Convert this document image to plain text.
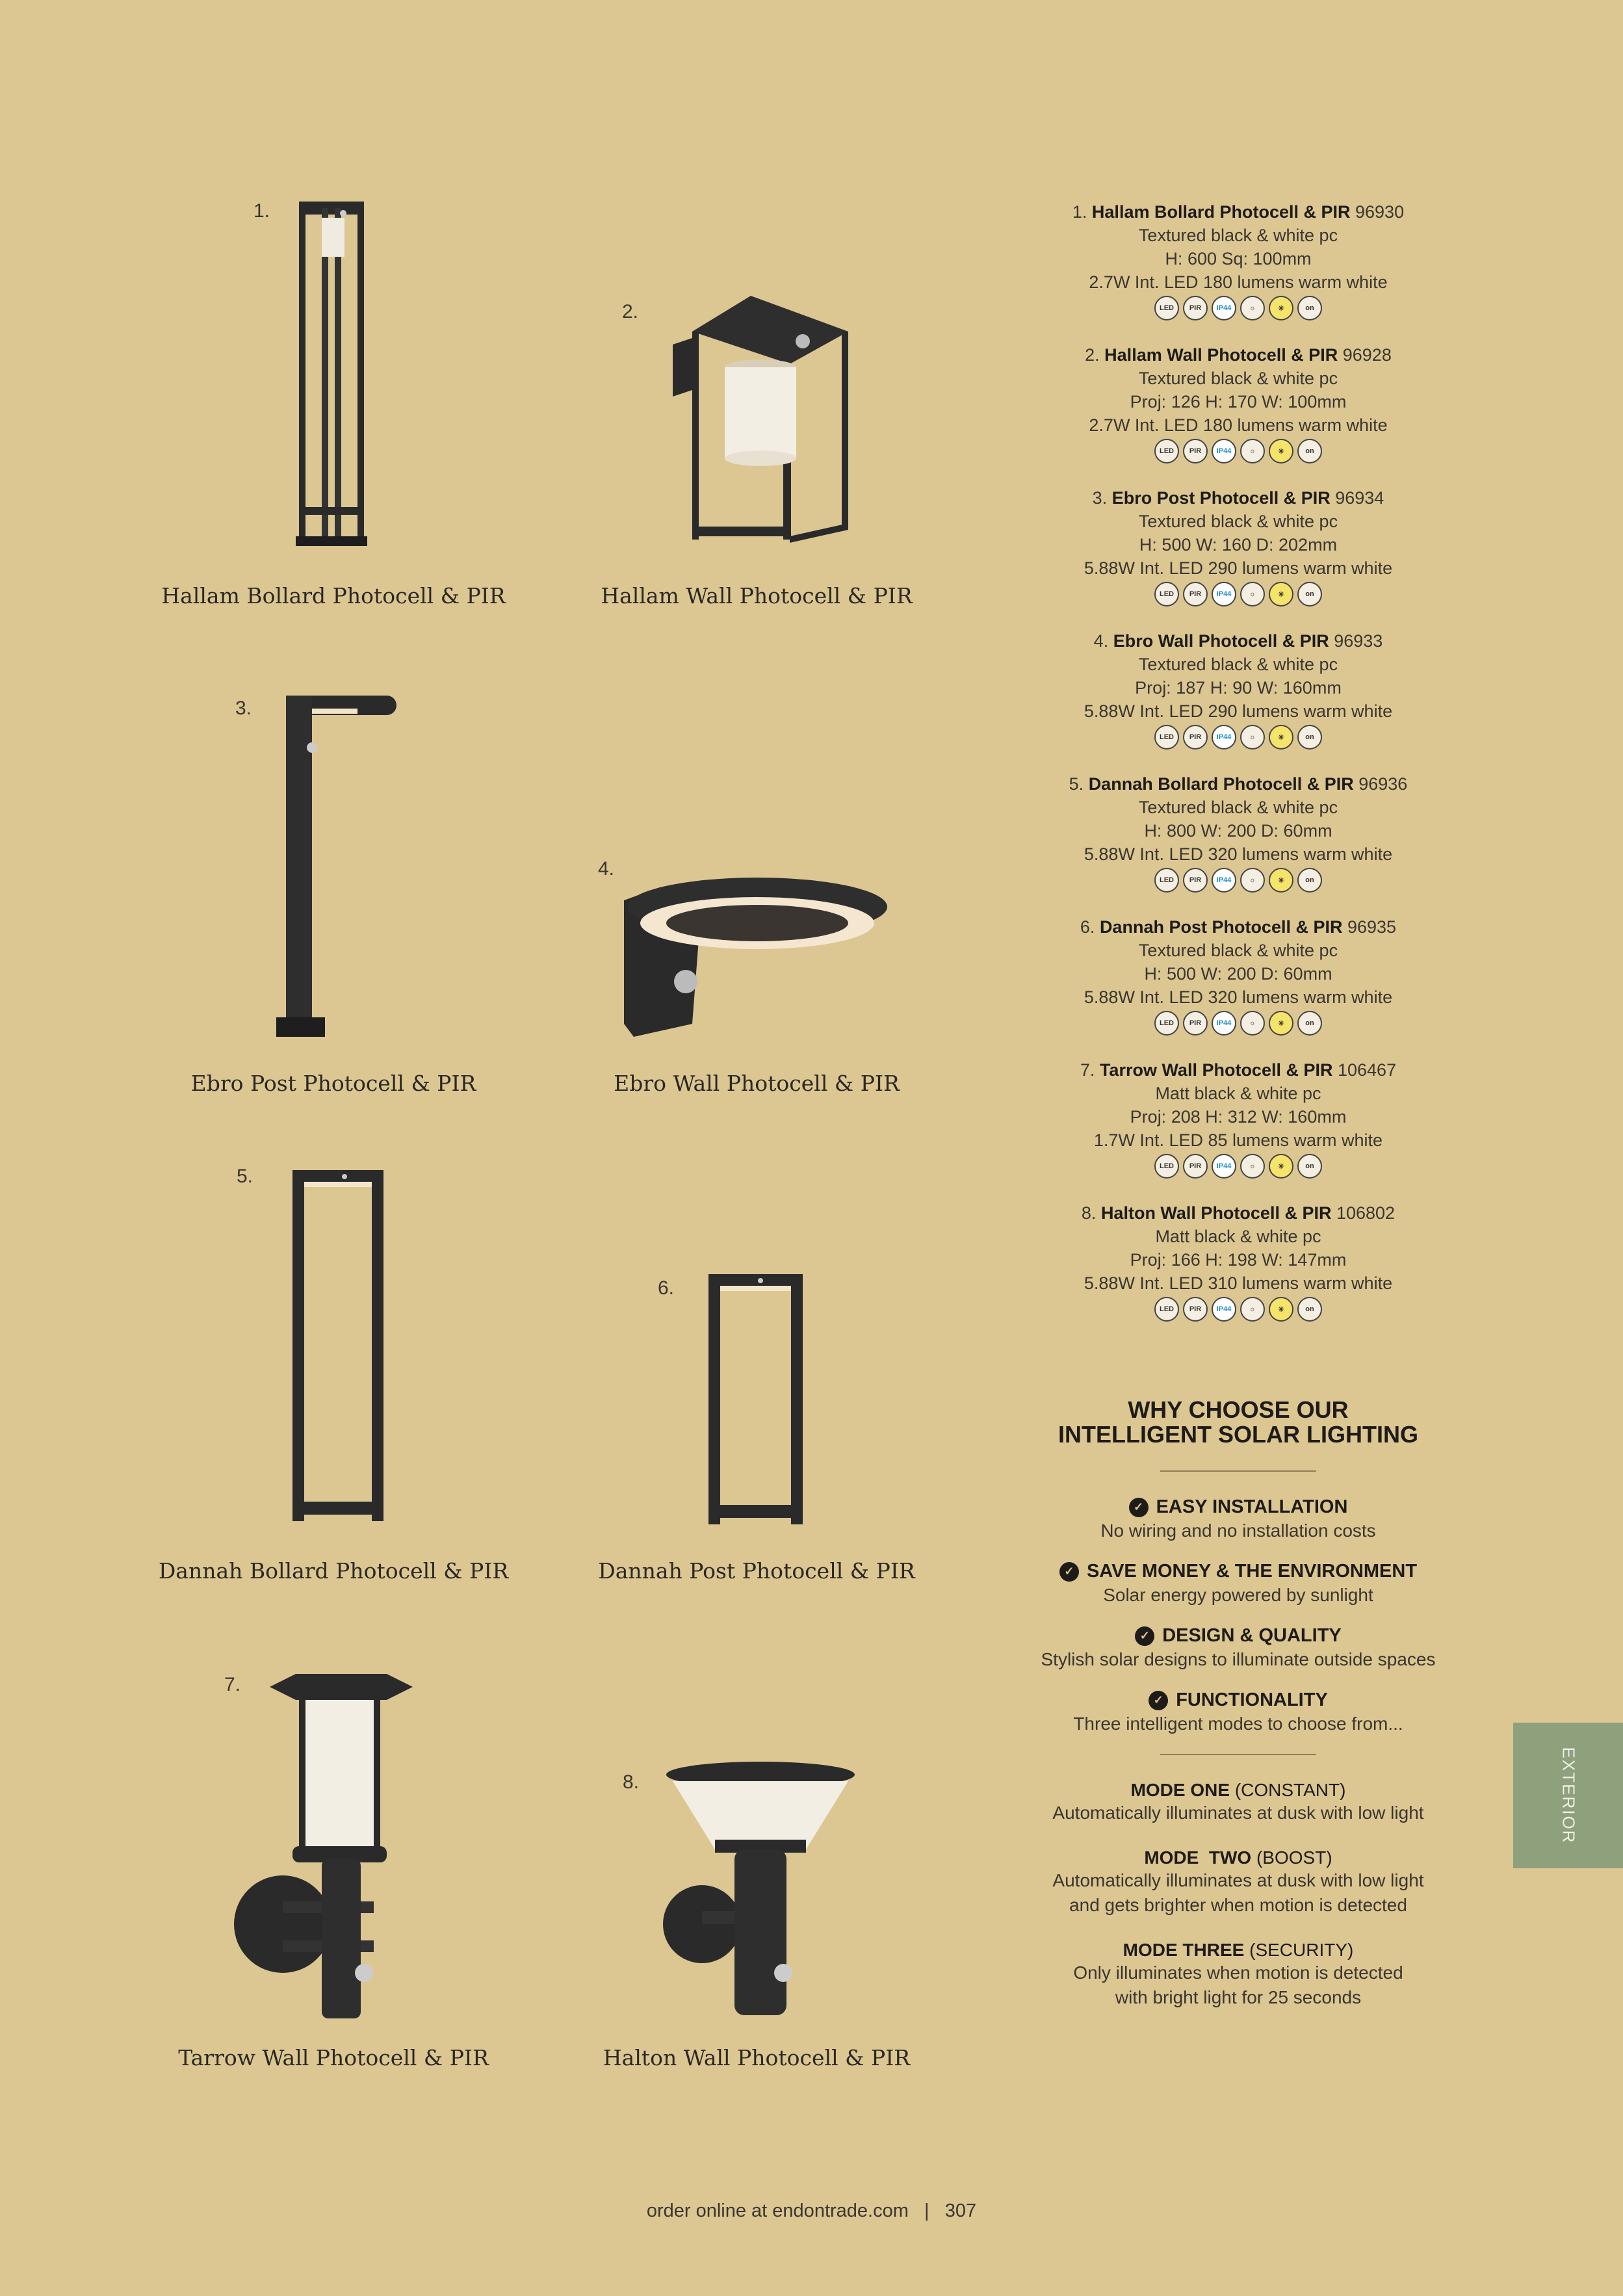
1.
2.
3.
4.
5.
6.
7.
8.
Hallam Bollard Photocell & PIR	Hallam Wall Photocell & PIR
Ebro Post Photocell & PIR	Ebro Wall Photocell & PIR
Dannah Bollard Photocell & PIR	Dannah Post Photocell & PIR
Tarrow Wall Photocell & PIR	Halton Wall Photocell & PIR
1. Hallam Bollard Photocell & PIR 96930
Textured black & white pc
H: 600 Sq: 100mm
2.7W Int. LED 180 lumens warm white
LED	PIR	IP44	☼	☀	on
2. Hallam Wall Photocell & PIR 96928
Textured black & white pc
Proj: 126 H: 170 W: 100mm
2.7W Int. LED 180 lumens warm white
LED	PIR	IP44	☼	☀	on
3. Ebro Post Photocell & PIR 96934
Textured black & white pc
H: 500 W: 160 D: 202mm
5.88W Int. LED 290 lumens warm white
LED	PIR	IP44	☼	☀	on
4. Ebro Wall Photocell & PIR 96933
Textured black & white pc
Proj: 187 H: 90 W: 160mm
5.88W Int. LED 290 lumens warm white
LED	PIR	IP44	☼	☀	on
5. Dannah Bollard Photocell & PIR 96936
Textured black & white pc
H: 800 W: 200 D: 60mm
5.88W Int. LED 320 lumens warm white
LED	PIR	IP44	☼	☀	on
6. Dannah Post Photocell & PIR 96935
Textured black & white pc
H: 500 W: 200 D: 60mm
5.88W Int. LED 320 lumens warm white
LED	PIR	IP44	☼	☀	on
7. Tarrow Wall Photocell & PIR 106467
Matt black & white pc
Proj: 208 H: 312 W: 160mm
1.7W Int. LED 85 lumens warm white
LED	PIR	IP44	☼	☀	on
8. Halton Wall Photocell & PIR 106802
Matt black & white pc
Proj: 166 H: 198 W: 147mm
5.88W Int. LED 310 lumens warm white
LED	PIR	IP44	☼	☀	on
WHY CHOOSE OUR
INTELLIGENT SOLAR LIGHTING
✓ EASY INSTALLATION
No wiring and no installation costs
✓ SAVE MONEY & THE ENVIRONMENT
Solar energy powered by sunlight
✓ DESIGN & QUALITY
Stylish solar designs to illuminate outside spaces
✓ FUNCTIONALITY
Three intelligent modes to choose from...
MODE ONE (CONSTANT)
Automatically illuminates at dusk with low light
MODE  TWO (BOOST)
Automatically illuminates at dusk with low light
and gets brighter when motion is detected
MODE THREE (SECURITY)
Only illuminates when motion is detected
with bright light for 25 seconds
EXTERIOR
order online at endontrade.com   |   307
